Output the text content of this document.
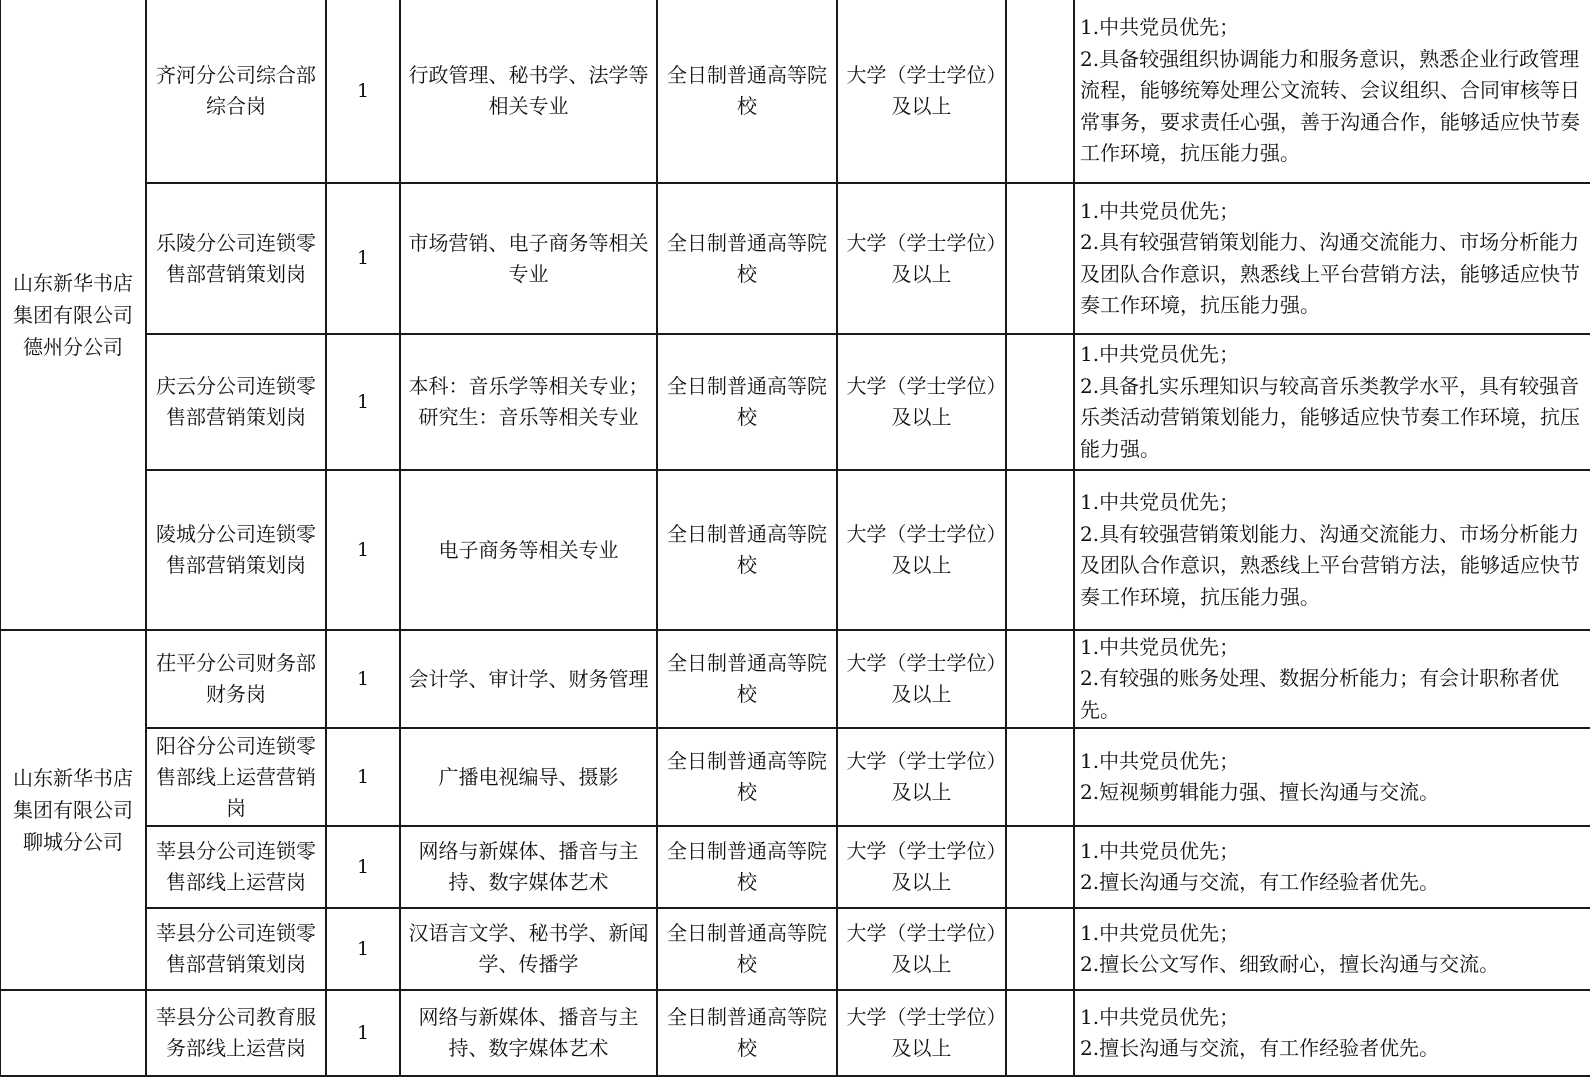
山东新华书店集团有限公司德州分公司	齐河分公司综合部综合岗	1	行政管理、秘书学、法学等相关专业	全日制普通高等院校	大学（学士学位）及以上		1.中共党员优先；
2.具备较强组织协调能力和服务意识，熟悉企业行政管理流程，能够统筹处理公文流转、会议组织、合同审核等日常事务，要求责任心强，善于沟通合作，能够适应快节奏工作环境，抗压能力强。

	乐陵分公司连锁零售部营销策划岗	1	市场营销、电子商务等相关专业	全日制普通高等院校	大学（学士学位）及以上		1.中共党员优先；
2.具有较强营销策划能力、沟通交流能力、市场分析能力及团队合作意识，熟悉线上平台营销方法，能够适应快节奏工作环境，抗压能力强。

	庆云分公司连锁零售部营销策划岗	1	本科：音乐学等相关专业；研究生：音乐等相关专业	全日制普通高等院校	大学（学士学位）及以上		1.中共党员优先；
2.具备扎实乐理知识与较高音乐类教学水平，具有较强音乐类活动营销策划能力，能够适应快节奏工作环境，抗压能力强。

	陵城分公司连锁零售部营销策划岗	1	电子商务等相关专业	全日制普通高等院校	大学（学士学位）及以上		1.中共党员优先；
2.具有较强营销策划能力、沟通交流能力、市场分析能力及团队合作意识，熟悉线上平台营销方法，能够适应快节奏工作环境，抗压能力强。

山东新华书店集团有限公司聊城分公司	茌平分公司财务部财务岗	1	会计学、审计学、财务管理	全日制普通高等院校	大学（学士学位）及以上		1.中共党员优先；
2.有较强的账务处理、数据分析能力；有会计职称者优先。

	阳谷分公司连锁零售部线上运营营销岗	1	广播电视编导、摄影	全日制普通高等院校	大学（学士学位）及以上		1.中共党员优先；
2.短视频剪辑能力强、擅长沟通与交流。

	莘县分公司连锁零售部线上运营岗	1	网络与新媒体、播音与主持、数字媒体艺术	全日制普通高等院校	大学（学士学位）及以上		1.中共党员优先；
2.擅长沟通与交流，有工作经验者优先。

	莘县分公司连锁零售部营销策划岗	1	汉语言文学、秘书学、新闻学、传播学	全日制普通高等院校	大学（学士学位）及以上		1.中共党员优先；
2.擅长公文写作、细致耐心，擅长沟通与交流。

	莘县分公司教育服务部线上运营岗	1	网络与新媒体、播音与主持、数字媒体艺术	全日制普通高等院校	大学（学士学位）及以上		1.中共党员优先；
2.擅长沟通与交流，有工作经验者优先。
